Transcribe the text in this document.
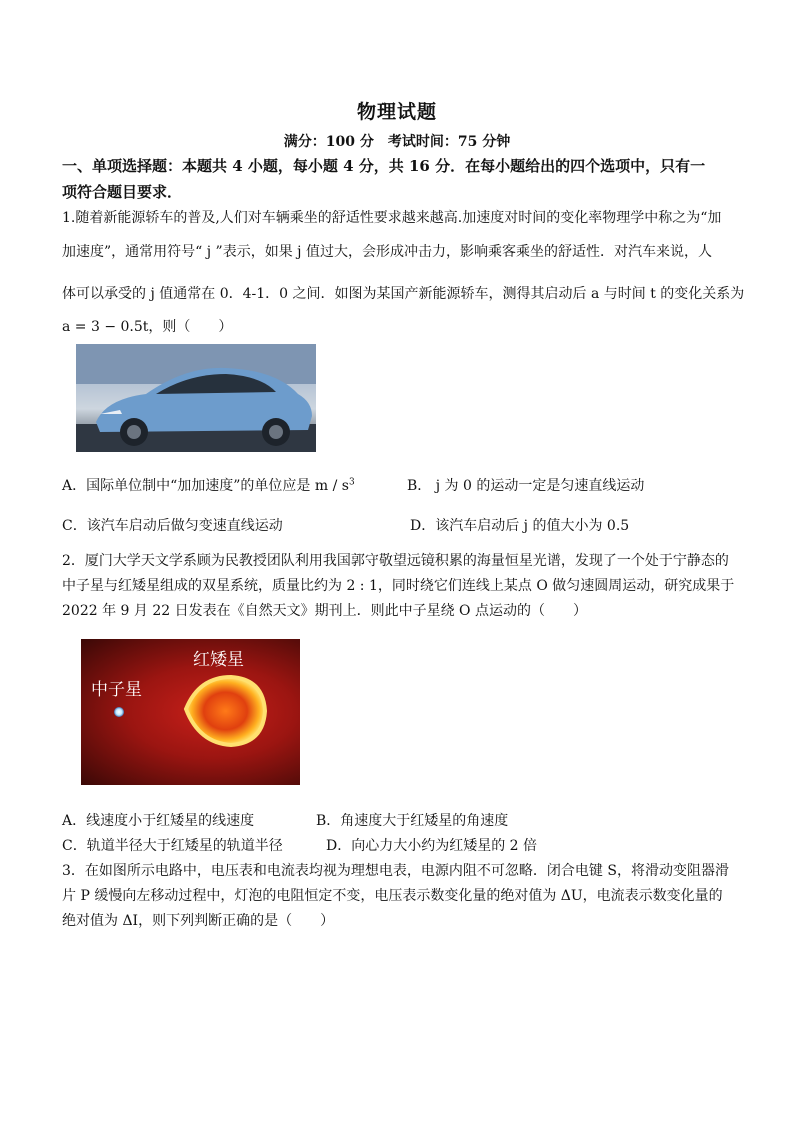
物理试题
满分：100 分　考试时间：75 分钟
一、单项选择题：本题共 4 小题，每小题 4 分，共 16 分．在每小题给出的四个选项中，只有一
项符合题目要求．
1.随着新能源轿车的普及,人们对车辆乘坐的舒适性要求越来越高.加速度对时间的变化率物理学中称之为“加
加速度”，通常用符号“ j ”表示，如果 j 值过大，会形成冲击力，影响乘客乘坐的舒适性．对汽车来说，人
体可以承受的 j 值通常在 0．4-1．0 之间．如图为某国产新能源轿车，测得其启动后 a 与时间 t 的变化关系为
a = 3 − 0.5t，则（　　）
A．国际单位制中“加加速度”的单位应是 m / $s^3$	B． j 为 0 的运动一定是匀速直线运动
C．该汽车启动后做匀变速直线运动	D．该汽车启动后 j 的值大小为 0.5
2．厦门大学天文学系顾为民教授团队利用我国郭守敬望远镜积累的海量恒星光谱，发现了一个处于宁静态的
中子星与红矮星组成的双星系统，质量比约为 2 : 1，同时绕它们连线上某点 O 做匀速圆周运动，研究成果于
2022 年 9 月 22 日发表在《自然天文》期刊上．则此中子星绕 O 点运动的（　　）
红矮星
中子星
A．线速度小于红矮星的线速度	B．角速度大于红矮星的角速度
C．轨道半径大于红矮星的轨道半径	D．向心力大小约为红矮星的 2 倍
3．在如图所示电路中，电压表和电流表均视为理想电表，电源内阻不可忽略．闭合电键 S，将滑动变阻器滑
片 P 缓慢向左移动过程中，灯泡的电阻恒定不变，电压表示数变化量的绝对值为 ΔU，电流表示数变化量的
绝对值为 ΔI，则下列判断正确的是（　　）
